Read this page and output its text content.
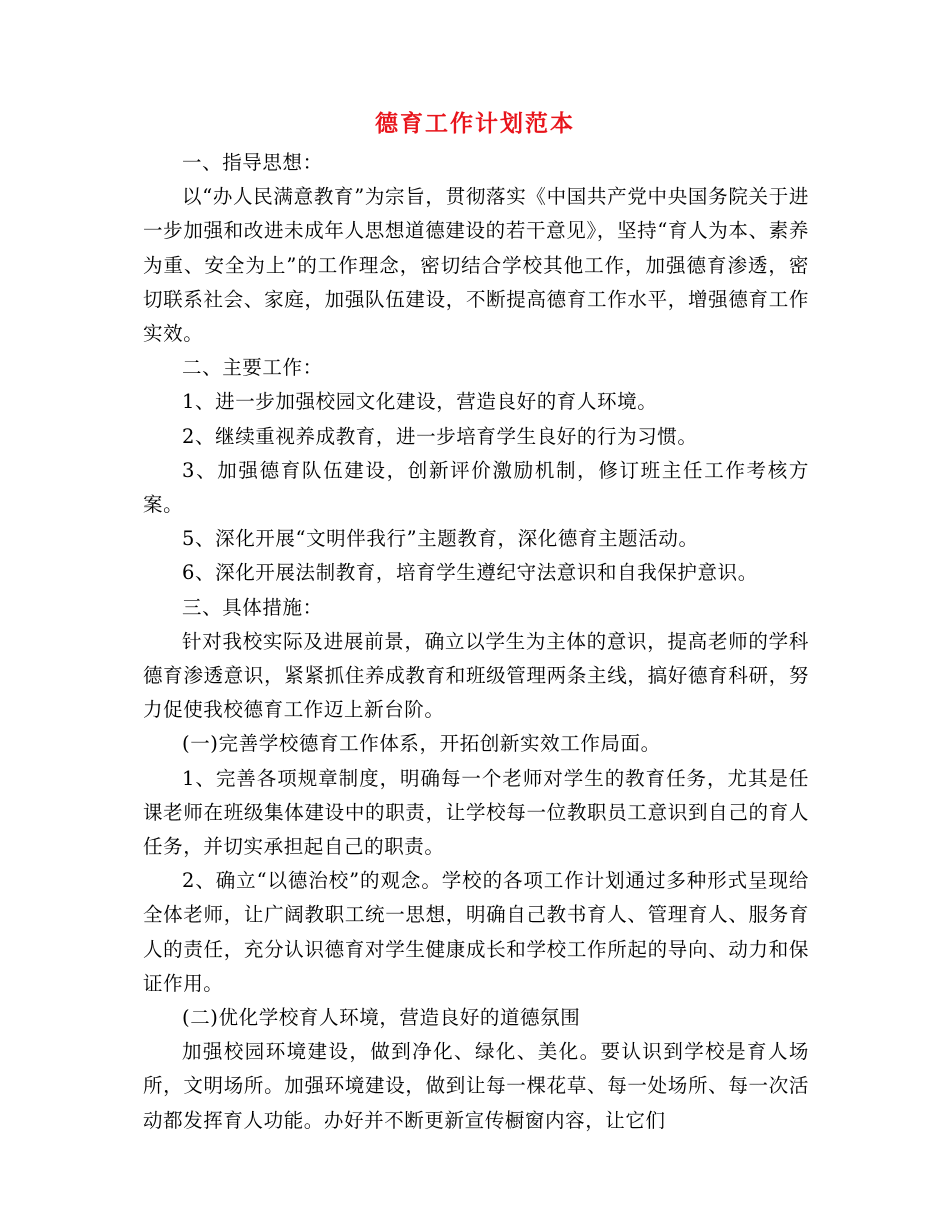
德育工作计划范本

一、指导思想：

以“办人民满意教育”为宗旨，贯彻落实《中国共产党中央国务院关于进一步加强和改进未成年人思想道德建设的若干意见》，坚持“育人为本、素养为重、安全为上”的工作理念，密切结合学校其他工作，加强德育渗透，密切联系社会、家庭，加强队伍建设，不断提高德育工作水平，增强德育工作实效。

二、主要工作：

1、进一步加强校园文化建设，营造良好的育人环境。

2、继续重视养成教育，进一步培育学生良好的行为习惯。

3、加强德育队伍建设，创新评价激励机制，修订班主任工作考核方案。

5、深化开展“文明伴我行”主题教育，深化德育主题活动。

6、深化开展法制教育，培育学生遵纪守法意识和自我保护意识。

三、具体措施：

针对我校实际及进展前景，确立以学生为主体的意识，提高老师的学科德育渗透意识，紧紧抓住养成教育和班级管理两条主线，搞好德育科研，努力促使我校德育工作迈上新台阶。

(一)完善学校德育工作体系，开拓创新实效工作局面。

1、完善各项规章制度，明确每一个老师对学生的教育任务，尤其是任课老师在班级集体建设中的职责，让学校每一位教职员工意识到自己的育人任务，并切实承担起自己的职责。

2、确立“以德治校”的观念。学校的各项工作计划通过多种形式呈现给全体老师，让广阔教职工统一思想，明确自己教书育人、管理育人、服务育人的责任，充分认识德育对学生健康成长和学校工作所起的导向、动力和保证作用。

(二)优化学校育人环境，营造良好的道德氛围

加强校园环境建设，做到净化、绿化、美化。要认识到学校是育人场所，文明场所。加强环境建设，做到让每一棵花草、每一处场所、每一次活动都发挥育人功能。办好并不断更新宣传橱窗内容，让它们
